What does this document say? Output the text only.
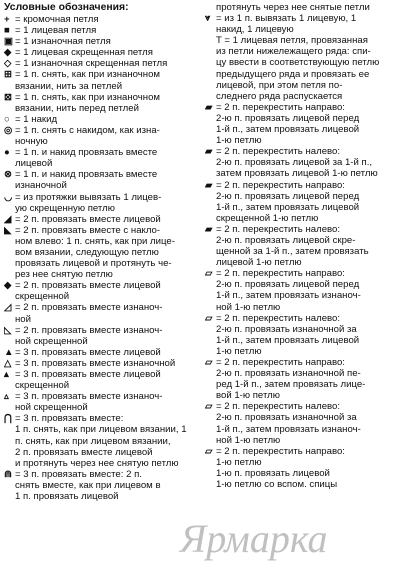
Условные обозначения:
+ = кромочная петля
■ = 1 лицевая петля
▣ = 1 изнаночная петля
◆ = 1 лицевая скрещенная петля
◇ = 1 изнаночная скрещенная петля
⊞ = 1 п. снять, как при изнаночном
вязании, нить за петлей
⊠ = 1 п. снять, как при изнаночном
вязании, нить перед петлей
○ = 1 накид
◎ = 1 п. снять с накидом, как изна-
ночную
● = 1 п. и накид провязать вместе
лицевой
⊗ = 1 п. и накид провязать вместе
изнаночной
◡ = из протяжки вывязать 1 лицев-
ую скрещенную петлю
◢ = 2 п. провязать вместе лицевой
◣ = 2 п. провязать вместе с накло-
ном влево: 1 п. снять, как при лице-
вом вязании, следующую петлю
провязать лицевой и протянуть че-
рез нее снятую петлю
◆ = 2 п. провязать вместе лицевой
скрещенной
◿ = 2 п. провязать вместе изнаноч-
ной
◺ = 2 п. провязать вместе изнаноч-
ной скрещенной
▲ = 3 п. провязать вместе лицевой
△ = 3 п. провязать вместе изнаночной
▴ = 3 п. провязать вместе лицевой
скрещенной
▵ = 3 п. провязать вместе изнаноч-
ной скрещенной
⋂ = 3 п. провязать вместе:
1 п. снять, как при лицевом вязании, 1
п. снять, как при лицевом вязании,
2 п. провязать вместе лицевой
и протянуть через нее снятую петлю
⋒ = 3 п. провязать вместе: 2 п.
снять вместе, как при лицевом в
1 п. провязать лицевой
протянуть через нее снятые петли
⩔ = из 1 п. вывязать 1 лицевую, 1
накид, 1 лицевую
T = 1 лицевая петля, провязанная
из петли нижележащего ряда: спи-
цу ввести в соответствующую петлю
предыдущего ряда и провязать ее
лицевой, при этом петля по-
следнего ряда распускается
▰ = 2 п. перекрестить направо:
2-ю п. провязать лицевой перед
1-й п., затем провязать лицевой
1-ю петлю
▰ = 2 п. перекрестить налево:
2-ю п. провязать лицевой за 1-й п.,
затем провязать лицевой 1-ю петлю
▰ = 2 п. перекрестить направо:
2-ю п. провязать лицевой перед
1-й п., затем провязать лицевой
скрещенной 1-ю петлю
▰ = 2 п. перекрестить налево:
2-ю п. провязать лицевой скре-
щенной за 1-й п., затем провязать
лицевой 1-ю петлю
▱ = 2 п. перекрестить направо:
2-ю п. провязать лицевой перед
1-й п., затем провязать изнаноч-
ной 1-ю петлю
▱ = 2 п. перекрестить налево:
2-ю п. провязать изнаночной за
1-й п., затем провязать лицевой
1-ю петлю
▱ = 2 п. перекрестить направо:
2-ю п. провязать изнаночной пе-
ред 1-й п., затем провязать лице-
вой 1-ю петлю
▱ = 2 п. перекрестить налево:
2-ю п. провязать изнаночной за
1-й п., затем провязать изнаноч-
ной 1-ю петлю
▱ = 2 п. перекрестить направо:
1-ю петлю
1-ю п. провязать лицевой
1-ю петлю со вспом. спицы
Ярмарка
